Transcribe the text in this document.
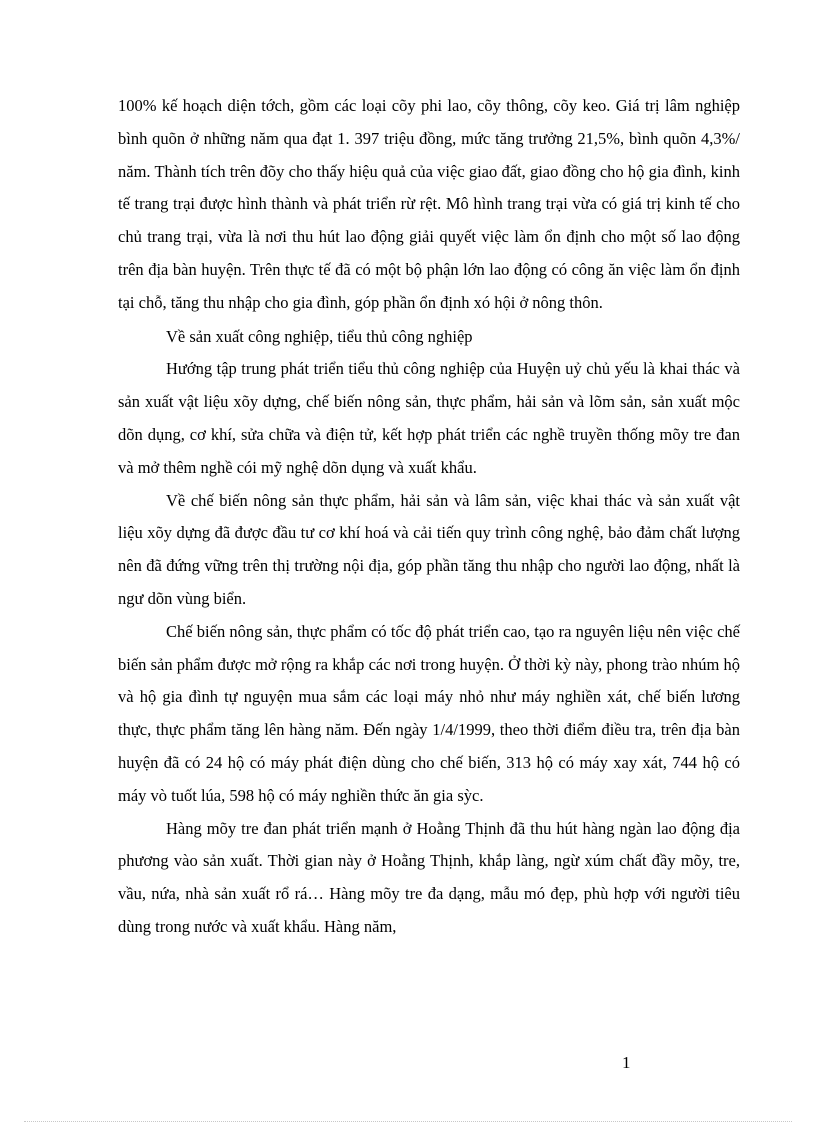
100% kế hoạch diện tớch, gồm các loại cõy phi lao, cõy thông, cõy keo. Giá trị lâm nghiệp bình quõn ở những năm qua đạt 1. 397 triệu đồng, mức tăng trưởng 21,5%, bình quõn 4,3%/ năm. Thành tích trên đõy cho thấy hiệu quả của việc giao đất, giao đồng cho hộ gia đình, kinh tế trang trại được hình thành và phát triển rừ rệt. Mô hình trang trại vừa có giá trị kinh tế cho chủ trang trại, vừa là nơi thu hút lao động giải quyết việc làm ổn định cho một số lao động trên địa bàn huyện. Trên thực tế đã có một bộ phận lớn lao động có công ăn việc làm ổn định tại chỗ, tăng thu nhập cho gia đình, góp phần ổn định xó hội ở nông thôn.

Về sản xuất công nghiệp, tiểu thủ công nghiệp

Hướng tập trung phát triển tiểu thủ công nghiệp của Huyện uỷ chủ yếu là khai thác và sản xuất vật liệu xõy dựng, chế biến nông sản, thực phẩm, hải sản và lõm sản, sản xuất mộc dõn dụng, cơ khí, sửa chữa và điện tử, kết hợp phát triển các nghề truyền thống mõy tre đan và mở thêm nghề cói mỹ nghệ dõn dụng và xuất khẩu.

Về chế biến nông sản thực phẩm, hải sản và lâm sản, việc khai thác và sản xuất vật liệu xõy dựng đã được đầu tư cơ khí hoá và cải tiến quy trình công nghệ, bảo đảm chất lượng nên đã đứng vững trên thị trường nội địa, góp phần tăng thu nhập cho người lao động, nhất là ngư dõn vùng biển.

Chế biến nông sản, thực phẩm có tốc độ phát triển cao, tạo ra nguyên liệu nên việc chế biến sản phẩm được mở rộng ra khắp các nơi trong huyện. Ở thời kỳ này, phong trào nhúm hộ và hộ gia đình tự nguyện mua sắm các loại máy nhỏ như máy nghiền xát, chế biến lương thực, thực phẩm tăng lên hàng năm. Đến ngày 1/4/1999, theo thời điểm điều tra, trên địa bàn huyện đã có 24 hộ có máy phát điện dùng cho chế biến, 313 hộ có máy xay xát, 744 hộ có máy vò tuốt lúa, 598 hộ có máy nghiền thức ăn gia sỳc.

Hàng mõy tre đan phát triển mạnh ở Hoằng Thịnh đã thu hút hàng ngàn lao động địa phương vào sản xuất. Thời gian này ở Hoằng Thịnh, khắp làng, ngừ xúm chất đầy mõy, tre, vầu, nứa, nhà sản xuất rổ rá… Hàng mõy tre đa dạng, mẫu mó đẹp, phù hợp với người tiêu dùng trong nước và xuất khẩu. Hàng năm,

1
